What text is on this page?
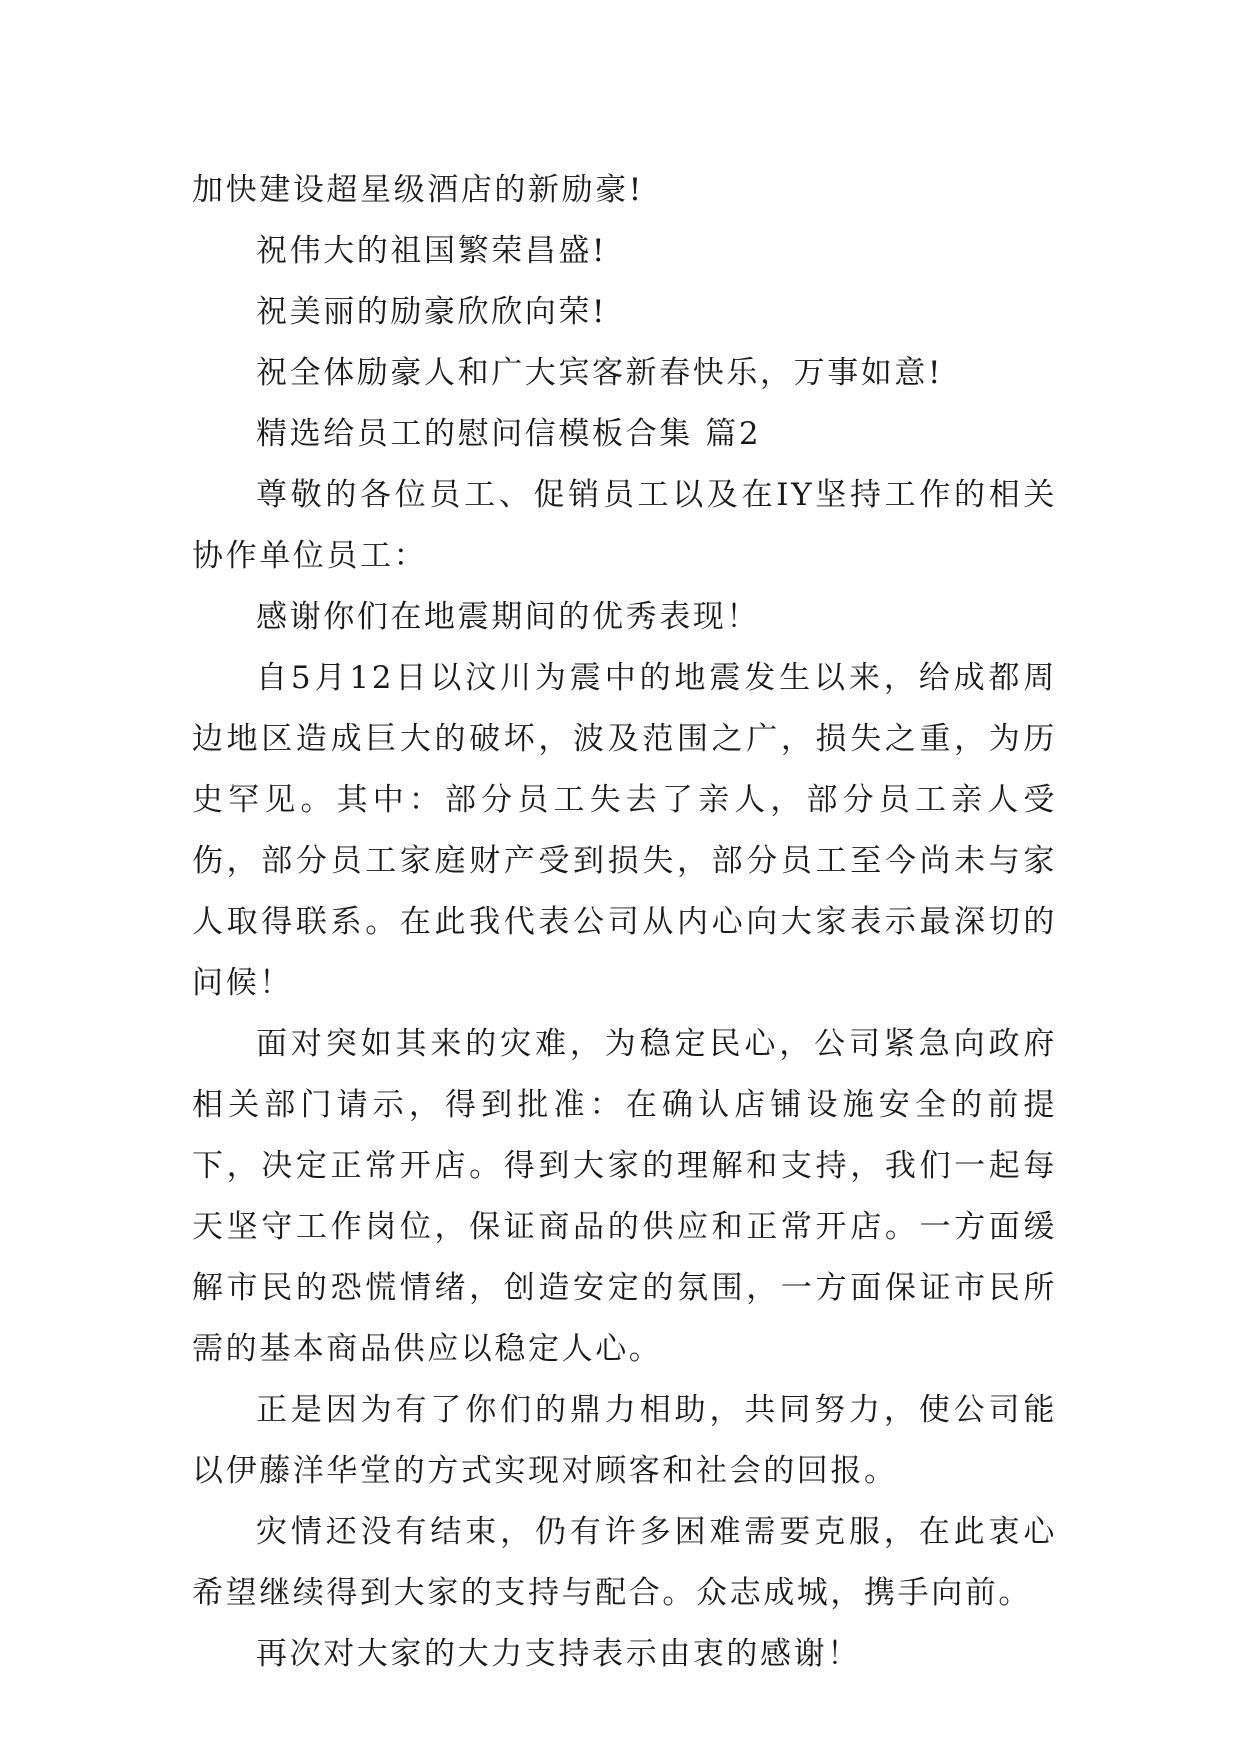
加快建设超星级酒店的新励豪!

祝伟大的祖国繁荣昌盛!

祝美丽的励豪欣欣向荣!

祝全体励豪人和广大宾客新春快乐，万事如意!

精选给员工的慰问信模板合集 篇2

尊敬的各位员工、促销员工以及在IY坚持工作的相关协作单位员工：

感谢你们在地震期间的优秀表现！

自5月12日以汶川为震中的地震发生以来，给成都周边地区造成巨大的破坏，波及范围之广，损失之重，为历史罕见。其中：部分员工失去了亲人，部分员工亲人受伤，部分员工家庭财产受到损失，部分员工至今尚未与家人取得联系。在此我代表公司从内心向大家表示最深切的问候！

面对突如其来的灾难，为稳定民心，公司紧急向政府相关部门请示，得到批准：在确认店铺设施安全的前提下，决定正常开店。得到大家的理解和支持，我们一起每天坚守工作岗位，保证商品的供应和正常开店。一方面缓解市民的恐慌情绪，创造安定的氛围，一方面保证市民所需的基本商品供应以稳定人心。

正是因为有了你们的鼎力相助，共同努力，使公司能以伊藤洋华堂的方式实现对顾客和社会的回报。

灾情还没有结束，仍有许多困难需要克服，在此衷心希望继续得到大家的支持与配合。众志成城，携手向前。

再次对大家的大力支持表示由衷的感谢！
